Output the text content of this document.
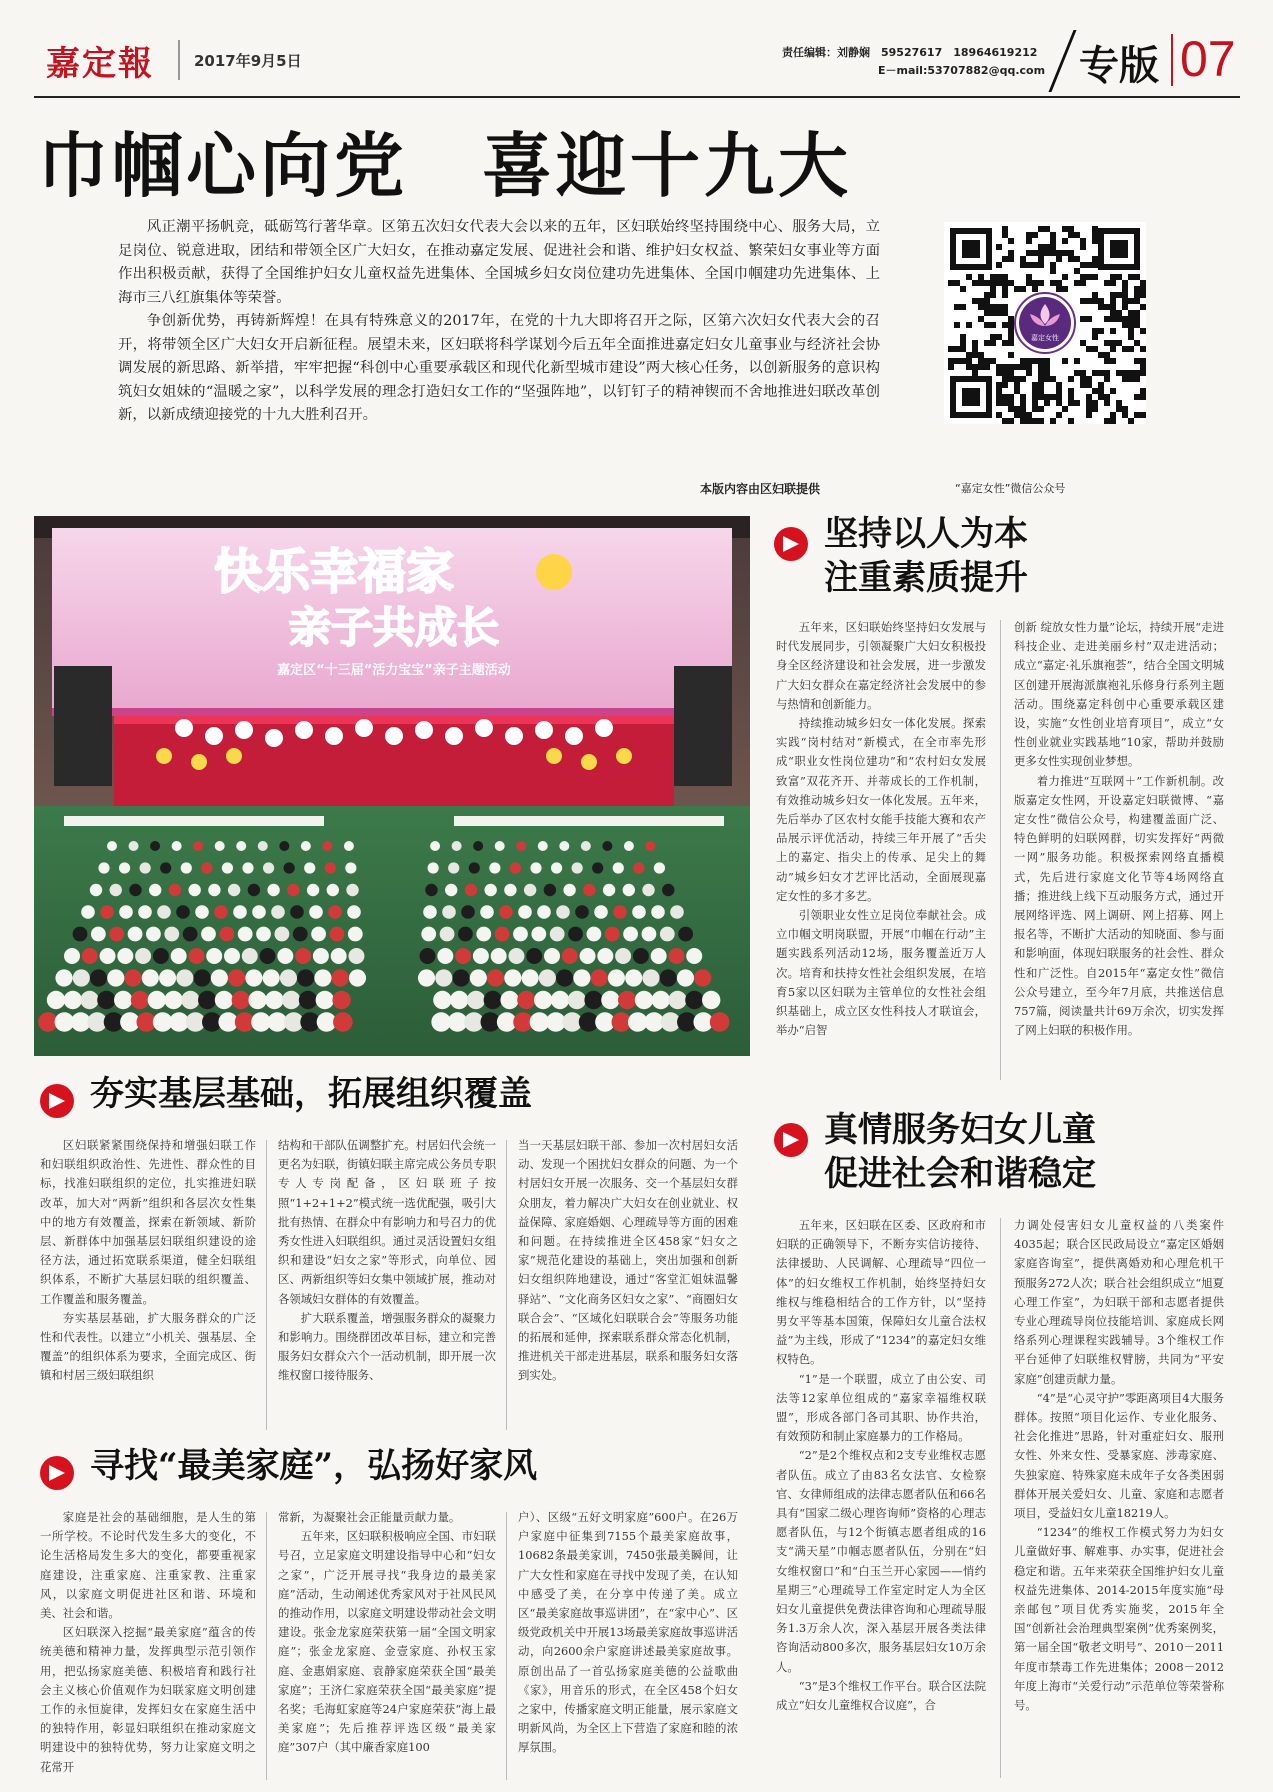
嘉定報	2017年9月5日	责任编辑：刘静娴　59527617　18964619212
E－mail:53707882@qq.com 专版 07
巾帼心向党　喜迎十九大

风正潮平扬帆竞，砥砺笃行著华章。区第五次妇女代表大会以来的五年，区妇联始终坚持围绕中心、服务大局，立足岗位、锐意进取，团结和带领全区广大妇女，在推动嘉定发展、促进社会和谐、维护妇女权益、繁荣妇女事业等方面作出积极贡献，获得了全国维护妇女儿童权益先进集体、全国城乡妇女岗位建功先进集体、全国巾帼建功先进集体、上海市三八红旗集体等荣誉。

争创新优势，再铸新辉煌！在具有特殊意义的2017年，在党的十九大即将召开之际，区第六次妇女代表大会的召开，将带领全区广大妇女开启新征程。展望未来，区妇联将科学谋划今后五年全面推进嘉定妇女儿童事业与经济社会协调发展的新思路、新举措，牢牢把握“科创中心重要承载区和现代化新型城市建设”两大核心任务，以创新服务的意识构筑妇女姐妹的“温暖之家”，以科学发展的理念打造妇女工作的“坚强阵地”，以钉钉子的精神锲而不舍地推进妇联改革创新，以新成绩迎接党的十九大胜利召开。

本版内容由区妇联提供
嘉定女性
“嘉定女性”微信公众号
快乐幸福家
亲子共成长
嘉定区“十三届“活力宝宝”亲子主题活动
坚持以人为本
注重素质提升

五年来，区妇联始终坚持妇女发展与时代发展同步，引领凝聚广大妇女积极投身全区经济建设和社会发展，进一步激发广大妇女群众在嘉定经济社会发展中的参与热情和创新能力。

持续推动城乡妇女一体化发展。探索实践“岗村结对”新模式，在全市率先形成“职业女性岗位建功”和“农村妇女发展致富”双花齐开、并蒂成长的工作机制，有效推动城乡妇女一体化发展。五年来，先后举办了区农村女能手技能大赛和农产品展示评优活动，持续三年开展了“舌尖上的嘉定、指尖上的传承、足尖上的舞动”城乡妇女才艺评比活动，全面展现嘉定女性的多才多艺。

引领职业女性立足岗位奉献社会。成立巾帼文明岗联盟，开展“巾帼在行动”主题实践系列活动12场，服务覆盖近万人次。培育和扶持女性社会组织发展，在培育5家以区妇联为主管单位的女性社会组织基础上，成立区女性科技人才联谊会，举办“启智

创新 绽放女性力量”论坛，持续开展“走进科技企业、走进美丽乡村”双走进活动；成立“嘉定·礼乐旗袍荟”，结合全国文明城区创建开展海派旗袍礼乐修身行系列主题活动。围绕嘉定科创中心重要承载区建设，实施“女性创业培育项目”，成立“女性创业就业实践基地”10家，帮助并鼓励更多女性实现创业梦想。

着力推进“互联网＋”工作新机制。改版嘉定女性网，开设嘉定妇联微博、“嘉定女性”微信公众号，构建覆盖面广泛、特色鲜明的妇联网群，切实发挥好“两微一网”服务功能。积极探索网络直播模式，先后进行家庭文化节等4场网络直播；推进线上线下互动服务方式，通过开展网络评选、网上调研、网上招募、网上报名等，不断扩大活动的知晓面、参与面和影响面，体现妇联服务的社会性、群众性和广泛性。自2015年“嘉定女性”微信公众号建立，至今年7月底，共推送信息757篇，阅读量共计69万余次，切实发挥了网上妇联的积极作用。

夯实基层基础，拓展组织覆盖

区妇联紧紧围绕保持和增强妇联工作和妇联组织政治性、先进性、群众性的目标，找准妇联组织的定位，扎实推进妇联改革，加大对“两新”组织和各层次女性集中的地方有效覆盖，探索在新领域、新阶层、新群体中加强基层妇联组织建设的途径方法，通过拓宽联系渠道，健全妇联组织体系，不断扩大基层妇联的组织覆盖、工作覆盖和服务覆盖。

夯实基层基础，扩大服务群众的广泛性和代表性。以建立“小机关、强基层、全覆盖”的组织体系为要求，全面完成区、街镇和村居三级妇联组织

结构和干部队伍调整扩充。村居妇代会统一更名为妇联，街镇妇联主席完成公务员专职专人专岗配备，区妇联班子按照“1+2+1+2”模式统一选优配强，吸引大批有热情、在群众中有影响力和号召力的优秀女性进入妇联组织。通过灵活设置妇女组织和建设“妇女之家”等形式，向单位、园区、两新组织等妇女集中领域扩展，推动对各领域妇女群体的有效覆盖。

扩大联系覆盖，增强服务群众的凝聚力和影响力。围绕群团改革目标，建立和完善服务妇女群众六个一活动机制，即开展一次维权窗口接待服务、

当一天基层妇联干部、参加一次村居妇女活动、发现一个困扰妇女群众的问题、为一个村居妇女开展一次服务、交一个基层妇女群众朋友，着力解决广大妇女在创业就业、权益保障、家庭婚姻、心理疏导等方面的困难和问题。在持续推进全区458家“妇女之家”规范化建设的基础上，突出加强和创新妇女组织阵地建设，通过“客堂汇姐妹温馨驿站”、“文化商务区妇女之家”、“商圈妇女联合会”、“区域化妇联联合会”等服务功能的拓展和延伸，探索联系群众常态化机制，推进机关干部走进基层，联系和服务妇女落到实处。

寻找“最美家庭”，弘扬好家风

家庭是社会的基础细胞，是人生的第一所学校。不论时代发生多大的变化，不论生活格局发生多大的变化，都要重视家庭建设，注重家庭、注重家教、注重家风，以家庭文明促进社区和谐、环境和美、社会和谐。

区妇联深入挖掘“最美家庭”蕴含的传统美德和精神力量，发挥典型示范引领作用，把弘扬家庭美德、积极培育和践行社会主义核心价值观作为妇联家庭文明创建工作的永恒旋律，发挥妇女在家庭生活中的独特作用，彰显妇联组织在推动家庭文明建设中的独特优势，努力让家庭文明之花常开

常新，为凝聚社会正能量贡献力量。

五年来，区妇联积极响应全国、市妇联号召，立足家庭文明建设指导中心和“妇女之家”，广泛开展寻找“我身边的最美家庭”活动，生动阐述优秀家风对于社风民风的推动作用，以家庭文明建设带动社会文明建设。张金龙家庭荣获第一届“全国文明家庭”；张金龙家庭、金壹家庭、孙权玉家庭、金惠娟家庭、袁静家庭荣获全国“最美家庭”；王济仁家庭荣获全国“最美家庭”提名奖；毛海虹家庭等24户家庭荣获“海上最美家庭”；先后推荐评选区级“最美家庭”307户（其中廉香家庭100

户）、区级“五好文明家庭”600户。在26万户家庭中征集到7155个最美家庭故事，10682条最美家训，7450张最美瞬间，让广大女性和家庭在寻找中发现了美，在认知中感受了美，在分享中传递了美。成立区“最美家庭故事巡讲团”，在“家中心”、区级党政机关中开展13场最美家庭故事巡讲活动，向2600余户家庭讲述最美家庭故事。原创出品了一首弘扬家庭美德的公益歌曲《家》，用音乐的形式，在全区458个妇女之家中，传播家庭文明正能量，展示家庭文明新风尚，为全区上下营造了家庭和睦的浓厚氛围。

真情服务妇女儿童
促进社会和谐稳定

五年来，区妇联在区委、区政府和市妇联的正确领导下，不断夯实信访接待、法律援助、人民调解、心理疏导“四位一体”的妇女维权工作机制，始终坚持妇女维权与维稳相结合的工作方针，以“坚持男女平等基本国策，保障妇女儿童合法权益”为主线，形成了“1234”的嘉定妇女维权特色。

“1”是一个联盟，成立了由公安、司法等12家单位组成的“嘉家幸福维权联盟”，形成各部门各司其职、协作共治，有效预防和制止家庭暴力的工作格局。

“2”是2个维权点和2支专业维权志愿者队伍。成立了由83名女法官、女检察官、女律师组成的法律志愿者队伍和66名具有“国家二级心理咨询师”资格的心理志愿者队伍，与12个街镇志愿者组成的16支“满天星”巾帼志愿者队伍，分别在“妇女维权窗口”和“白玉兰开心家园——悄约星期三”心理疏导工作室定时定人为全区妇女儿童提供免费法律咨询和心理疏导服务1.3万余人次，深入基层开展各类法律咨询活动800多次，服务基层妇女10万余人。

“3”是3个维权工作平台。联合区法院成立“妇女儿童维权合议庭”，合

力调处侵害妇女儿童权益的八类案件4035起；联合区民政局设立“嘉定区婚姻家庭咨询室”，提供离婚劝和心理危机干预服务272人次；联合社会组织成立“旭夏心理工作室”，为妇联干部和志愿者提供专业心理疏导岗位技能培训、家庭成长网络系列心理课程实践辅导。3个维权工作平台延伸了妇联维权臂膀，共同为“平安家庭”创建贡献力量。

“4”是“心灵守护”零距离项目4大服务群体。按照“项目化运作、专业化服务、社会化推进”思路，针对重症妇女、服刑女性、外来女性、受暴家庭、涉毒家庭、失独家庭、特殊家庭未成年子女各类困弱群体开展关爱妇女、儿童、家庭和志愿者项目，受益妇女儿童18219人。

“1234”的维权工作模式努力为妇女儿童做好事、解难事、办实事，促进社会稳定和谐。五年来荣获全国维护妇女儿童权益先进集体、2014-2015年度实施“母亲邮包”项目优秀实施奖，2015年全国“创新社会治理典型案例”优秀案例奖，第一届全国“敬老文明号”、2010－2011年度市禁毒工作先进集体；2008－2012年度上海市“关爱行动”示范单位等荣誉称号。
